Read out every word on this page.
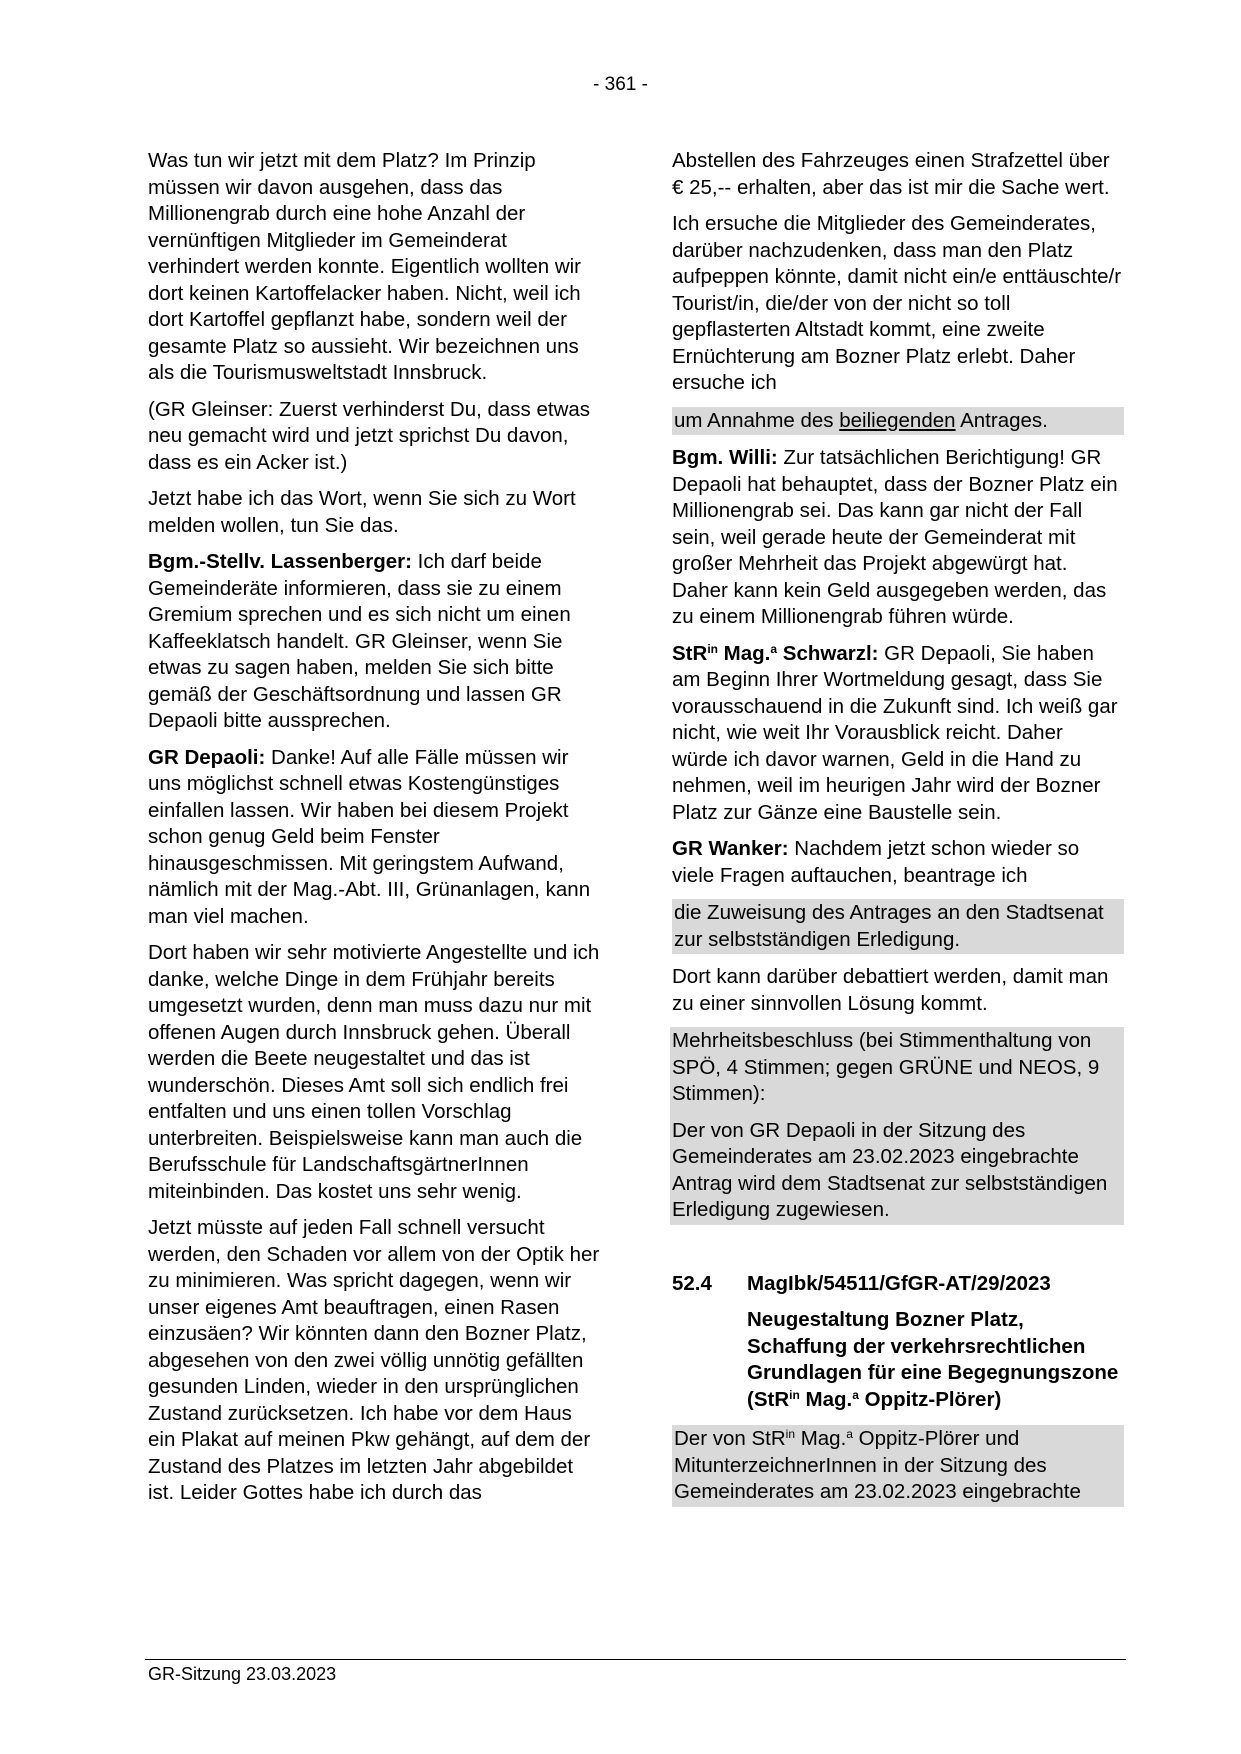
- 361 -

Was tun wir jetzt mit dem Platz? Im Prinzip müssen wir davon ausgehen, dass das Millionengrab durch eine hohe Anzahl der vernünftigen Mitglieder im Gemeinderat verhindert werden konnte. Eigentlich wollten wir dort keinen Kartoffelacker haben. Nicht, weil ich dort Kartoffel gepflanzt habe, sondern weil der gesamte Platz so aussieht. Wir bezeichnen uns als die Tourismusweltstadt Innsbruck.

(GR Gleinser: Zuerst verhinderst Du, dass etwas neu gemacht wird und jetzt sprichst Du davon, dass es ein Acker ist.)

Jetzt habe ich das Wort, wenn Sie sich zu Wort melden wollen, tun Sie das.

Bgm.-Stellv. Lassenberger: Ich darf beide Gemeinderäte informieren, dass sie zu einem Gremium sprechen und es sich nicht um einen Kaffeeklatsch handelt. GR Gleinser, wenn Sie etwas zu sagen haben, melden Sie sich bitte gemäß der Geschäftsordnung und lassen GR Depaoli bitte aussprechen.

GR Depaoli: Danke! Auf alle Fälle müssen wir uns möglichst schnell etwas Kostengünstiges einfallen lassen. Wir haben bei diesem Projekt schon genug Geld beim Fenster hinausgeschmissen. Mit geringstem Aufwand, nämlich mit der Mag.-Abt. III, Grünanlagen, kann man viel machen.

Dort haben wir sehr motivierte Angestellte und ich danke, welche Dinge in dem Frühjahr bereits umgesetzt wurden, denn man muss dazu nur mit offenen Augen durch Innsbruck gehen. Überall werden die Beete neugestaltet und das ist wunderschön. Dieses Amt soll sich endlich frei entfalten und uns einen tollen Vorschlag unterbreiten. Beispielsweise kann man auch die Berufsschule für LandschaftsgärtnerInnen miteinbinden. Das kostet uns sehr wenig.

Jetzt müsste auf jeden Fall schnell versucht werden, den Schaden vor allem von der Optik her zu minimieren. Was spricht dagegen, wenn wir unser eigenes Amt beauftragen, einen Rasen einzusäen? Wir könnten dann den Bozner Platz, abgesehen von den zwei völlig unnötig gefällten gesunden Linden, wieder in den ursprünglichen Zustand zurücksetzen. Ich habe vor dem Haus ein Plakat auf meinen Pkw gehängt, auf dem der Zustand des Platzes im letzten Jahr abgebildet ist. Leider Gottes habe ich durch das

Abstellen des Fahrzeuges einen Strafzettel über € 25,-- erhalten, aber das ist mir die Sache wert.

Ich ersuche die Mitglieder des Gemeinderates, darüber nachzudenken, dass man den Platz aufpeppen könnte, damit nicht ein/e enttäuschte/r Tourist/in, die/der von der nicht so toll gepflasterten Altstadt kommt, eine zweite Ernüchterung am Bozner Platz erlebt. Daher ersuche ich

um Annahme des beiliegenden Antrages.

Bgm. Willi: Zur tatsächlichen Berichtigung! GR Depaoli hat behauptet, dass der Bozner Platz ein Millionengrab sei. Das kann gar nicht der Fall sein, weil gerade heute der Gemeinderat mit großer Mehrheit das Projekt abgewürgt hat. Daher kann kein Geld ausgegeben werden, das zu einem Millionengrab führen würde.

StR$^{in}$ Mag.$^a$ Schwarzl: GR Depaoli, Sie haben am Beginn Ihrer Wortmeldung gesagt, dass Sie vorausschauend in die Zukunft sind. Ich weiß gar nicht, wie weit Ihr Vorausblick reicht. Daher würde ich davor warnen, Geld in die Hand zu nehmen, weil im heurigen Jahr wird der Bozner Platz zur Gänze eine Baustelle sein.

GR Wanker: Nachdem jetzt schon wieder so viele Fragen auftauchen, beantrage ich

die Zuweisung des Antrages an den Stadtsenat zur selbstständigen Erledigung.

Dort kann darüber debattiert werden, damit man zu einer sinnvollen Lösung kommt.

Mehrheitsbeschluss (bei Stimmenthaltung von SPÖ, 4 Stimmen; gegen GRÜNE und NEOS, 9 Stimmen):

Der von GR Depaoli in der Sitzung des Gemeinderates am 23.02.2023 eingebrachte Antrag wird dem Stadtsenat zur selbstständigen Erledigung zugewiesen.

52.4	MagIbk/54511/GfGR-AT/29/2023
Neugestaltung Bozner Platz, Schaffung der verkehrsrechtlichen Grundlagen für eine Begegnungszone (StR$^{in}$ Mag.$^a$ Oppitz-Plörer)

Der von StR$^{in}$ Mag.$^a$ Oppitz-Plörer und MitunterzeichnerInnen in der Sitzung des Gemeinderates am 23.02.2023 eingebrachte

GR-Sitzung 23.03.2023
